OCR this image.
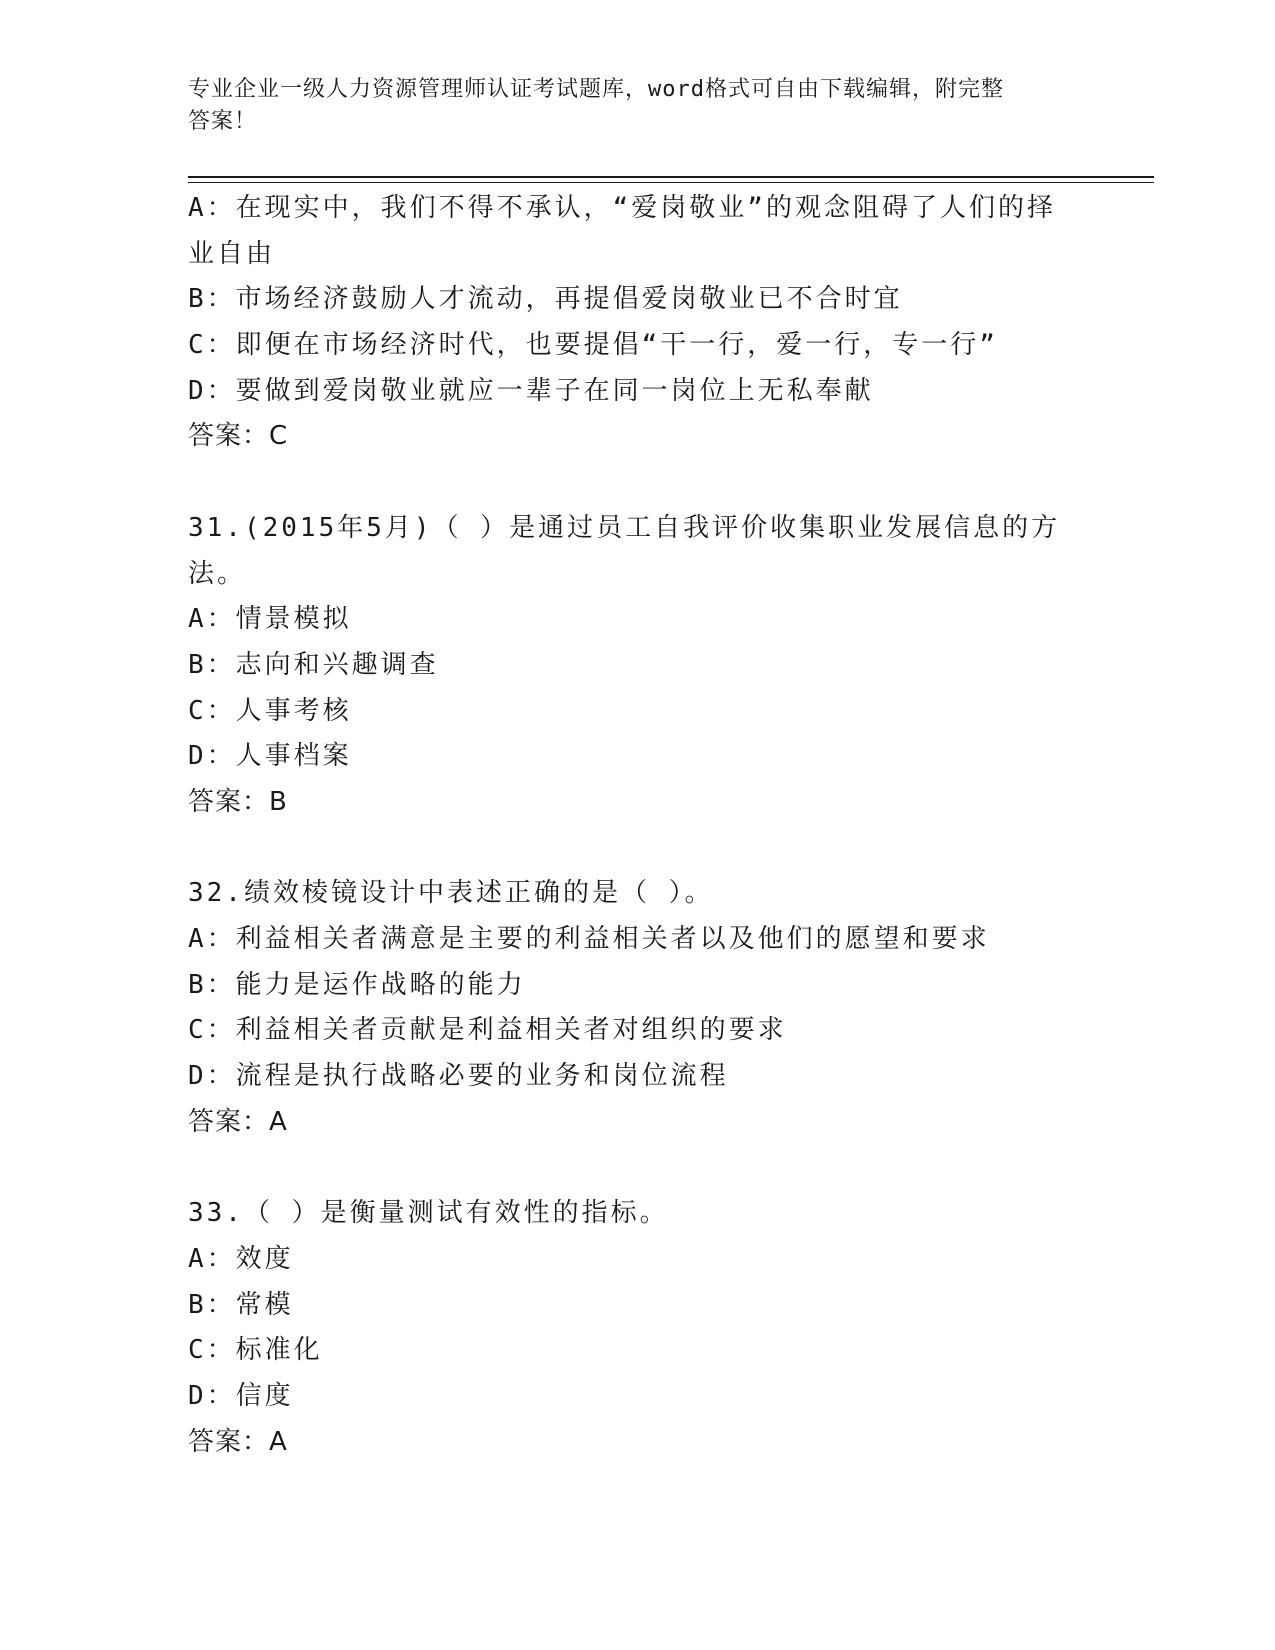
专业企业一级人力资源管理师认证考试题库，word格式可自由下载编辑，附完整
答案！
A：在现实中，我们不得不承认，“爱岗敬业”的观念阻碍了人们的择
业自由
B：市场经济鼓励人才流动，再提倡爱岗敬业已不合时宜
C：即便在市场经济时代，也要提倡“干一行，爱一行，专一行”
D：要做到爱岗敬业就应一辈子在同一岗位上无私奉献
答案：C
31.(2015年5月)（ ）是通过员工自我评价收集职业发展信息的方
法。
A：情景模拟
B：志向和兴趣调查
C：人事考核
D：人事档案
答案：B
32.绩效棱镜设计中表述正确的是（ ）。
A：利益相关者满意是主要的利益相关者以及他们的愿望和要求
B：能力是运作战略的能力
C：利益相关者贡献是利益相关者对组织的要求
D：流程是执行战略必要的业务和岗位流程
答案：A
33.（ ）是衡量测试有效性的指标。
A：效度
B：常模
C：标准化
D：信度
答案：A
